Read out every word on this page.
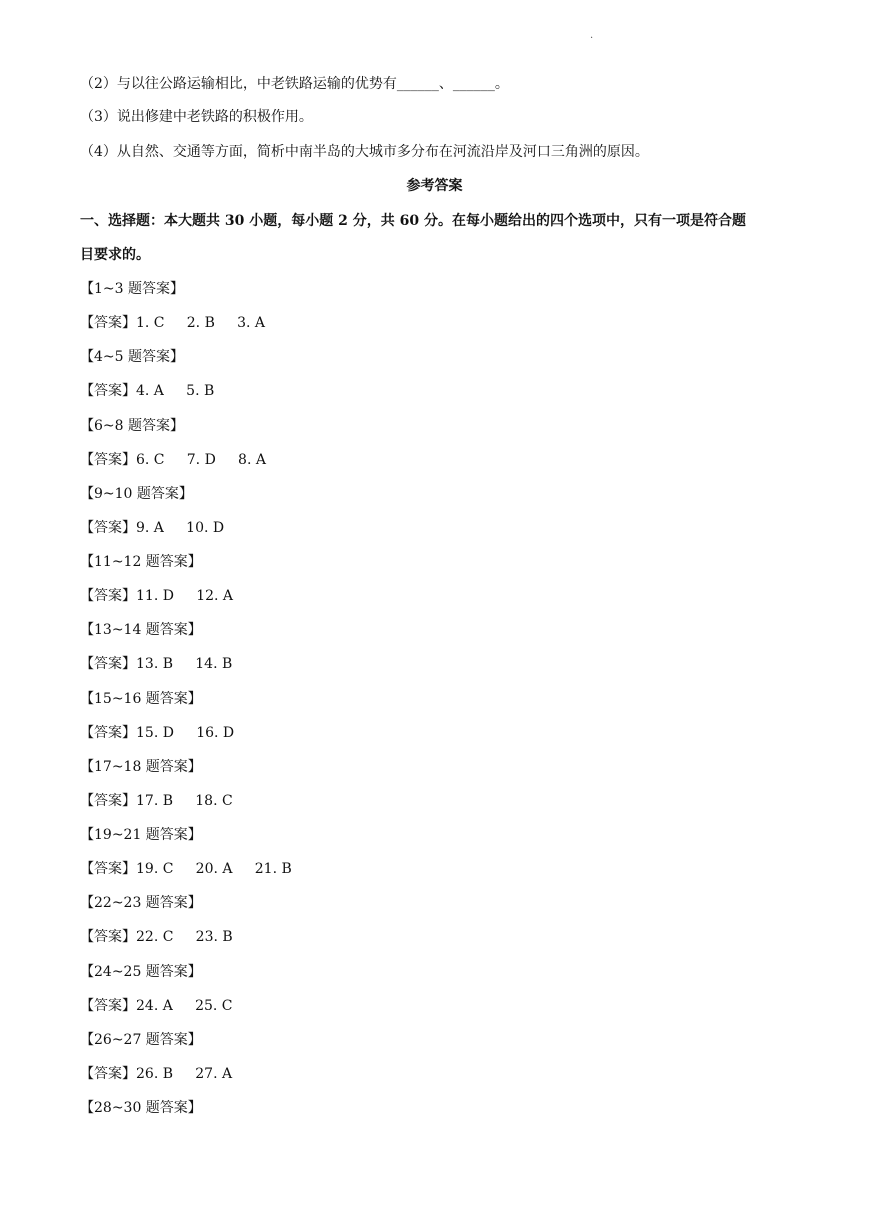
.
（2）与以往公路运输相比，中老铁路运输的优势有______、______。
（3）说出修建中老铁路的积极作用。
（4）从自然、交通等方面，简析中南半岛的大城市多分布在河流沿岸及河口三角洲的原因。
参考答案
一、选择题：本大题共 30 小题，每小题 2 分，共 60 分。在每小题给出的四个选项中，只有一项是符合题
目要求的。
【1~3 题答案】
【答案】1. C     2. B     3. A
【4~5 题答案】
【答案】4. A     5. B
【6~8 题答案】
【答案】6. C     7. D     8. A
【9~10 题答案】
【答案】9. A     10. D
【11~12 题答案】
【答案】11. D     12. A
【13~14 题答案】
【答案】13. B     14. B
【15~16 题答案】
【答案】15. D     16. D
【17~18 题答案】
【答案】17. B     18. C
【19~21 题答案】
【答案】19. C     20. A     21. B
【22~23 题答案】
【答案】22. C     23. B
【24~25 题答案】
【答案】24. A     25. C
【26~27 题答案】
【答案】26. B     27. A
【28~30 题答案】
